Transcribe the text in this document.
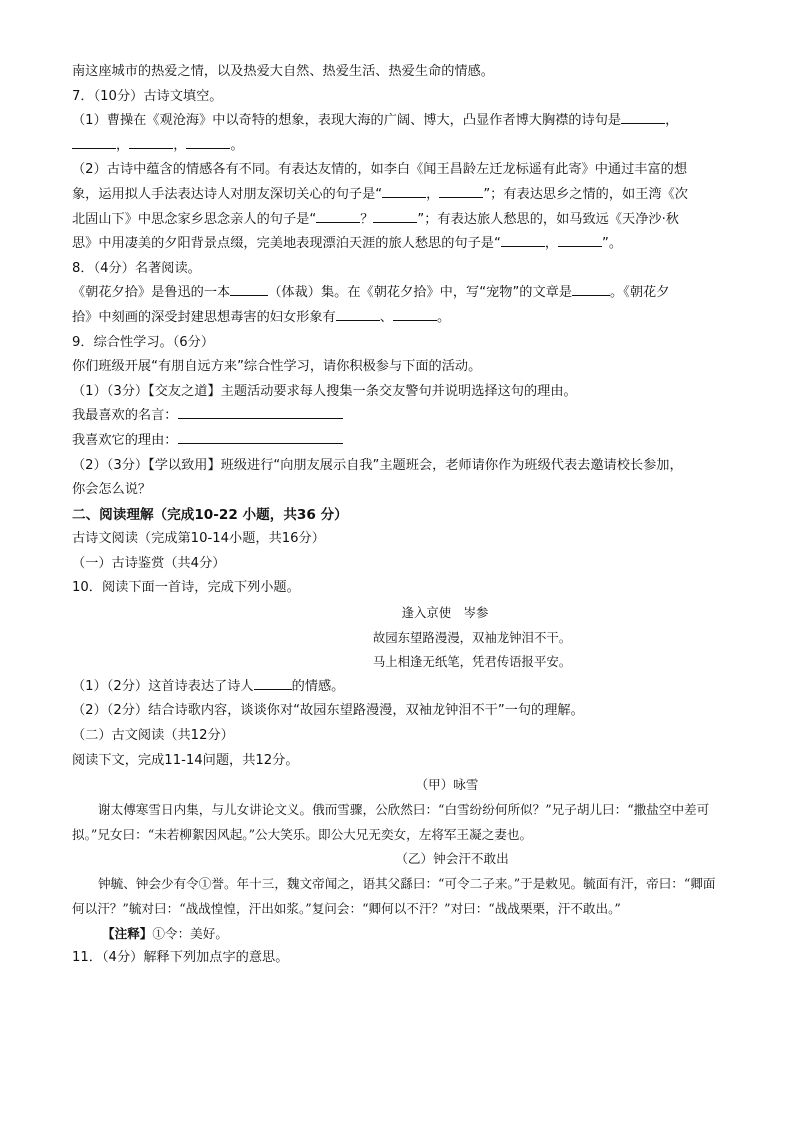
南这座城市的热爱之情，以及热爱大自然、热爱生活、热爱生命的情感。
7．（10分）古诗文填空。
（1）曹操在《观沧海》中以奇特的想象，表现大海的广阔、博大，凸显作者博大胸襟的诗句是	，
，	，	。
（2）古诗中蕴含的情感各有不同。有表达友情的，如李白《闻王昌龄左迁龙标遥有此寄》中通过丰富的想
象，运用拟人手法表达诗人对朋友深切关心的句子是“	，	”；有表达思乡之情的，如王湾《次
北固山下》中思念家乡思念亲人的句子是“	？	”；有表达旅人愁思的，如马致远《天净沙·秋
思》中用凄美的夕阳背景点缀，完美地表现漂泊天涯的旅人愁思的句子是“	，	”。
8．（4分）名著阅读。
《朝花夕拾》是鲁迅的一本	（体裁）集。在《朝花夕拾》中，写“宠物”的文章是	。《朝花夕
拾》中刻画的深受封建思想毒害的妇女形象有	、	。
9．综合性学习。（6分）
你们班级开展“有朋自远方来”综合性学习，请你积极参与下面的活动。
（1）（3分）【交友之道】主题活动要求每人搜集一条交友警句并说明选择这句的理由。
我最喜欢的名言：
我喜欢它的理由：
（2）（3分）【学以致用】班级进行“向朋友展示自我”主题班会，老师请你作为班级代表去邀请校长参加，
你会怎么说？
二、阅读理解（完成10-22 小题，共36 分）
古诗文阅读（完成第10-14小题，共16分）
（一）古诗鉴赏（共4分）
10．阅读下面一首诗，完成下列小题。
逢入京使　岑参
故园东望路漫漫，双袖龙钟泪不干。
马上相逢无纸笔，凭君传语报平安。
（1）（2分）这首诗表达了诗人	的情感。
（2）（2分）结合诗歌内容，谈谈你对“故园东望路漫漫，双袖龙钟泪不干”一句的理解。
（二）古文阅读（共12分）
阅读下文，完成11-14问题，共12分。
（甲）咏雪
谢太傅寒雪日内集，与儿女讲论文义。俄而雪骤，公欣然曰：“白雪纷纷何所似？”兄子胡儿曰：“撒盐空中差可拟。”兄女曰：“未若柳絮因风起。”公大笑乐。即公大兄无奕女，左将军王凝之妻也。
（乙）钟会汗不敢出
钟毓、钟会少有令①誉。年十三，魏文帝闻之，语其父繇曰：“可令二子来。”于是敕见。毓面有汗，帝曰：“卿面何以汗？”毓对曰：“战战惶惶，汗出如浆。”复问会：“卿何以不汗？”对曰：“战战栗栗，汗不敢出。”
【注释】①令：美好。
11．（4分）解释下列加点字的意思。
